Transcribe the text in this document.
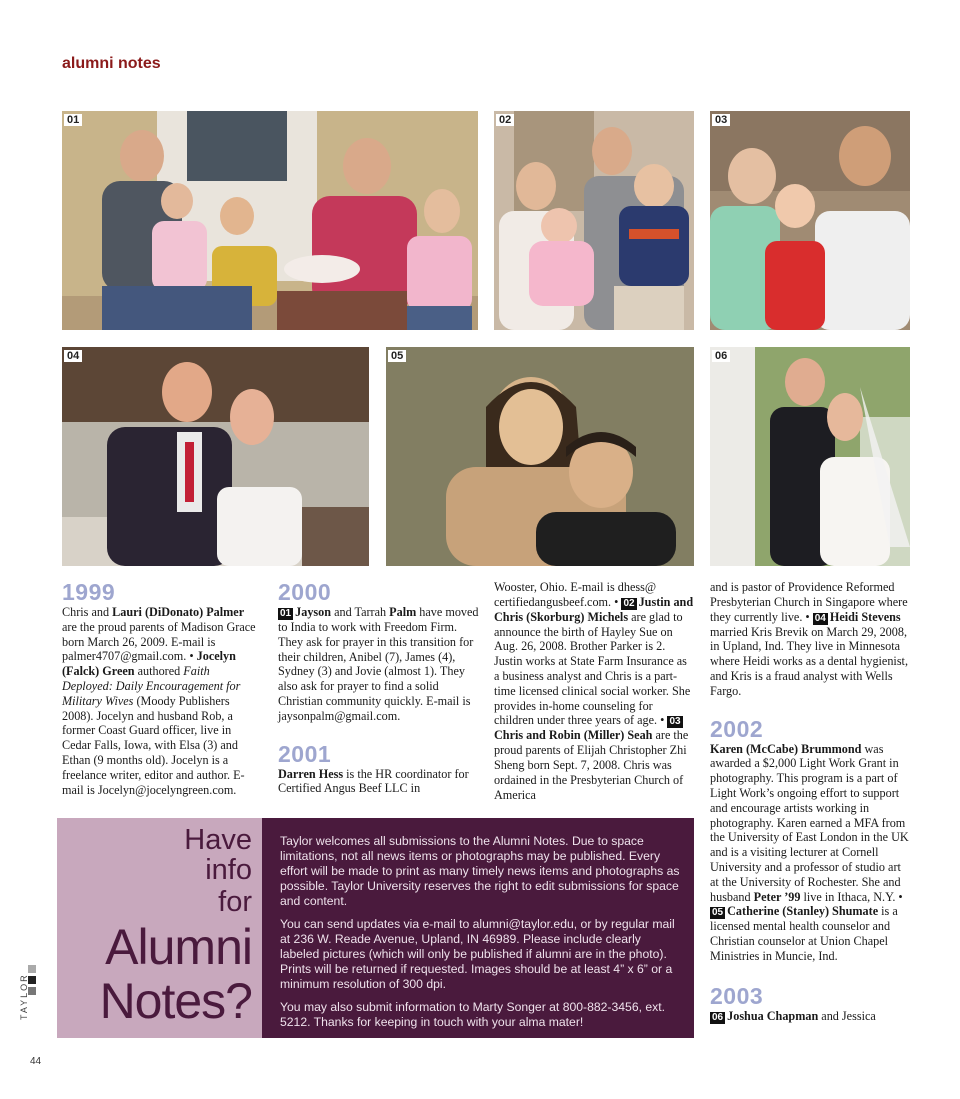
alumni notes
01	02	03
04	05	06
1999
Chris and Lauri (DiDonato) Palmer are the proud parents of Madison Grace born March 26, 2009. E-mail is palmer4707@gmail.com. • Jocelyn (Falck) Green authored Faith Deployed: Daily Encouragement for Military Wives (Moody Publishers 2008). Jocelyn and husband Rob, a former Coast Guard officer, live in Cedar Falls, Iowa, with Elsa (3) and Ethan (9 months old). Jocelyn is a freelance writer, editor and author. E-mail is Jocelyn@jocelyngreen.com.
2000
01 Jayson and Tarrah Palm have moved to India to work with Freedom Firm. They ask for prayer in this transition for their children, Anibel (7), James (4), Sydney (3) and Jovie (almost 1). They also ask for prayer to find a solid Christian community quickly. E-mail is jaysonpalm@gmail.com.
2001
Darren Hess is the HR coordinator for Certified Angus Beef LLC in
Wooster, Ohio. E-mail is dhess@ certifiedangusbeef.com. • 02 Justin and Chris (Skorburg) Michels are glad to announce the birth of Hayley Sue on Aug. 26, 2008. Brother Parker is 2. Justin works at State Farm Insurance as a business analyst and Chris is a part-time licensed clinical social worker. She provides in-home counseling for children under three years of age. • 03Chris and Robin (Miller) Seah are the proud parents of Elijah Christopher Zhi Sheng born Sept. 7, 2008. Chris was ordained in the Presbyterian Church of America
and is pastor of Providence Reformed Presbyterian Church in Singapore where they currently live. • 04 Heidi Stevens married Kris Brevik on March 29, 2008, in Upland, Ind. They live in Minnesota where Heidi works as a dental hygienist, and Kris is a fraud analyst with Wells Fargo.
2002
Karen (McCabe) Brummond was awarded a $2,000 Light Work Grant in photography. This program is a part of Light Work’s ongoing effort to support and encourage artists working in photography. Karen earned a MFA from the University of East London in the UK and is a visiting lecturer at Cornell University and a professor of studio art at the University of Rochester. She and husband Peter ’99 live in Ithaca, N.Y. • 05 Catherine (Stanley) Shumate is a licensed mental health counselor and Christian counselor at Union Chapel Ministries in Muncie, Ind.
2003
06 Joshua Chapman and Jessica
Have
info
for
Alumni
Notes?

Taylor welcomes all submissions to the Alumni Notes. Due to space limitations, not all news items or photographs may be published. Every effort will be made to print as many timely news items and photographs as possible. Taylor University reserves the right to edit submissions for space and content.

You can send updates via e-mail to alumni@taylor.edu, or by regular mail at 236 W. Reade Avenue, Upland, IN 46989. Please include clearly labeled pictures (which will only be published if alumni are in the photo). Prints will be returned if requested. Images should be at least 4” x 6” or a minimum resolution of 300 dpi.

You may also submit information to Marty Songer at 800-882-3456, ext. 5212. Thanks for keeping in touch with your alma mater!

TAYLOR
44
